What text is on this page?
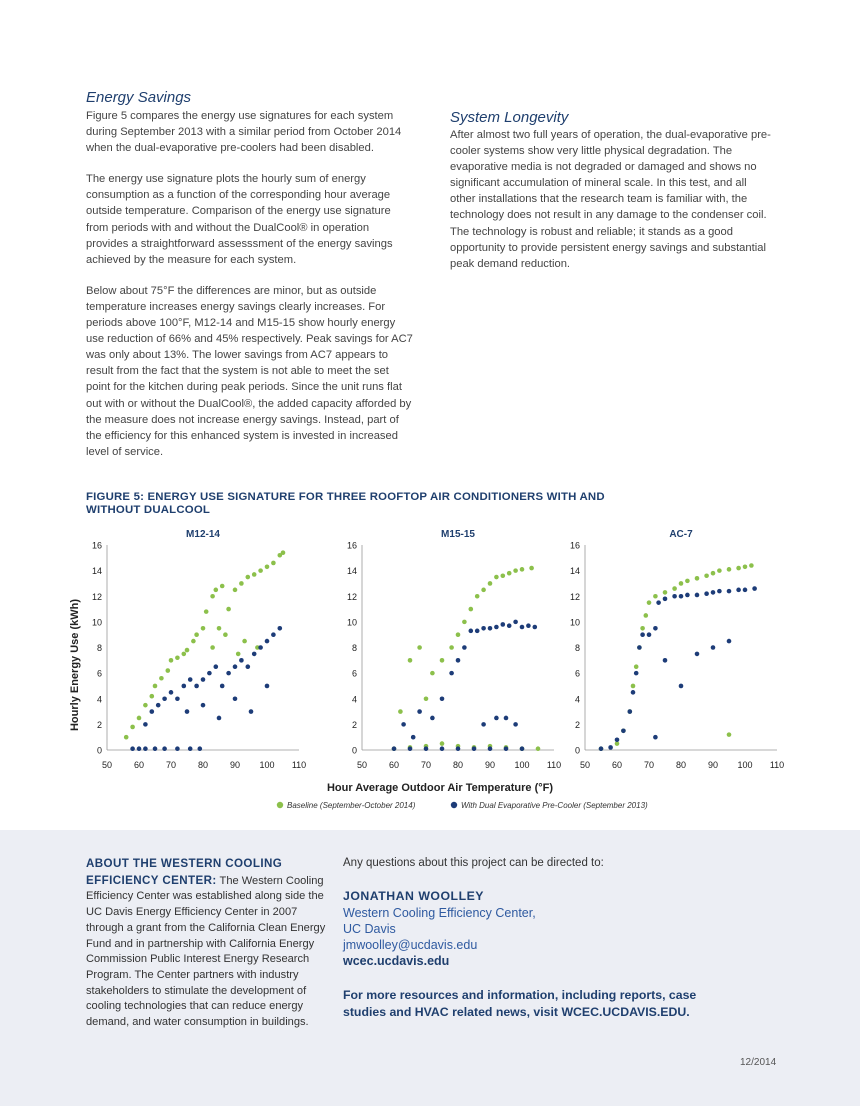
Energy Savings

Figure 5 compares the energy use signatures for each system during September 2013 with a similar period from October 2014 when the dual-evaporative pre-coolers had been disabled.

The energy use signature plots the hourly sum of energy consumption as a function of the corresponding hour average outside temperature. Comparison of the energy use signature from periods with and without the DualCool® in operation provides a straightforward assesssment of the energy savings achieved by the measure for each system.

Below about 75°F the differences are minor, but as outside temperature increases energy savings clearly increases. For periods above 100°F, M12-14 and M15-15 show hourly energy use reduction of 66% and 45% respectively. Peak savings for AC7 was only about 13%. The lower savings from AC7 appears to result from the fact that the system is not able to meet the set point for the kitchen during peak periods. Since the unit runs flat out with or without the DualCool®, the added capacity afforded by the measure does not increase energy savings. Instead, part of the efficiency for this enhanced system is invested in increased level of service.

System Longevity

After almost two full years of operation, the dual-evaporative pre-cooler systems show very little physical degradation. The evaporative media is not degraded or damaged and shows no significant accumulation of mineral scale. In this test, and all other installations that the research team is familiar with, the technology does not result in any damage to the condenser coil. The technology is robust and reliable; it stands as a good opportunity to provide persistent energy savings and substantial peak demand reduction.

FIGURE 5: ENERGY USE SIGNATURE FOR THREE ROOFTOP AIR CONDITIONERS WITH AND WITHOUT DUALCOOL
M12-14
0
2
4
6
8
10
12
14
16
50 60 70 80 90 100 110
M15-15
0
2
4
6
8
10
12
14
16
50 60 70 80 90 100 110
AC-7
0
2
4
6
8
10
12
14
16
50 60 70 80 90 100 110
Hourly Energy Use (kWh)
Hour Average Outdoor Air Temperature (°F)
Baseline (September-October 2014)	With Dual Evaporative Pre-Cooler (September 2013)
ABOUT THE WESTERN COOLING
EFFICIENCY CENTER: The Western Cooling Efficiency Center was established along side the UC Davis Energy Efficiency Center in 2007 through a grant from the California Clean Energy Fund and in partnership with California Energy Commission Public Interest Energy Research Program. The Center partners with industry stakeholders to stimulate the development of cooling technologies that can reduce energy demand, and water consumption in buildings.
Any questions about this project can be directed to:
JONATHAN WOOLLEY
Western Cooling Efficiency Center,
UC Davis
jmwoolley@ucdavis.edu
wcec.ucdavis.edu
For more resources and information, including reports, case studies and HVAC related news, visit WCEC.UCDAVIS.EDU.
12/2014
